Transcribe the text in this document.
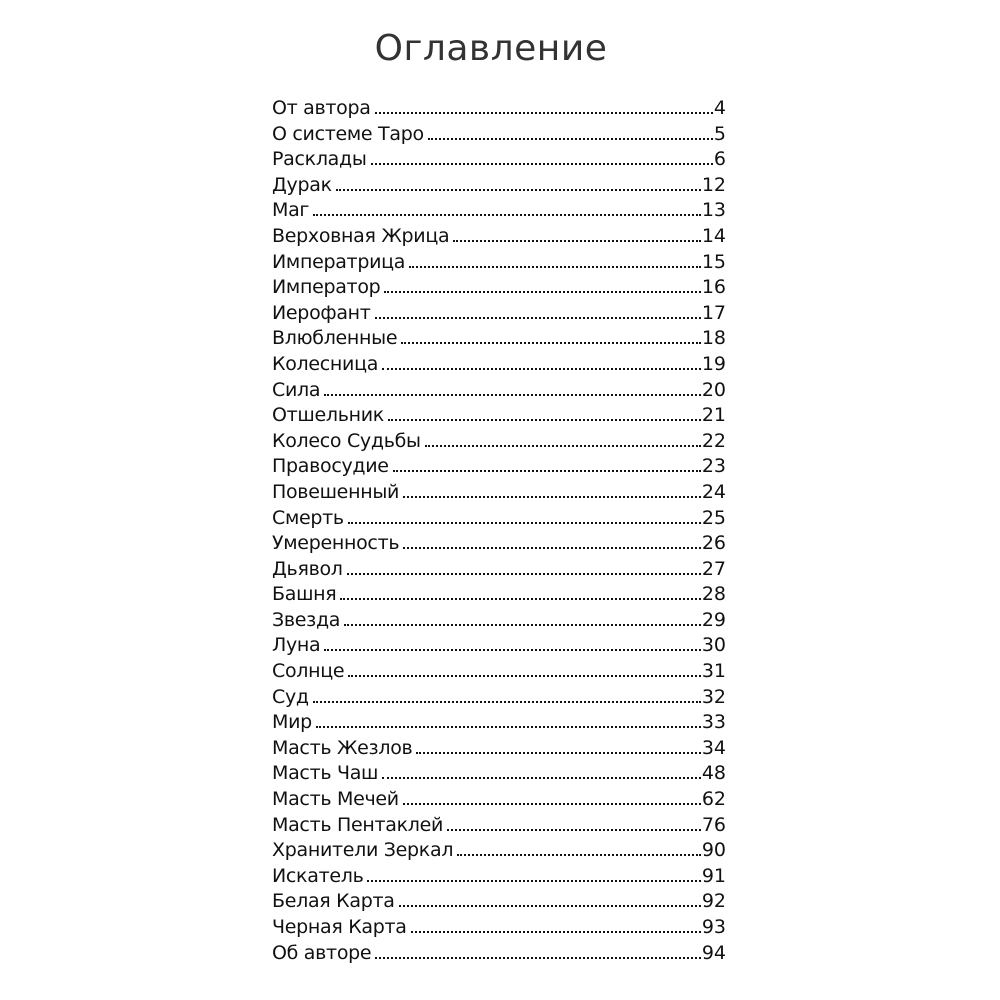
Оглавление
От автора	4
О системе Таро	5
Расклады	6
Дурак	12
Маг	13
Верховная Жрица	14
Императрица	15
Император	16
Иерофант	17
Влюбленные	18
Колесница	19
Сила	20
Отшельник	21
Колесо Судьбы	22
Правосудие	23
Повешенный	24
Смерть	25
Умеренность	26
Дьявол	27
Башня	28
Звезда	29
Луна	30
Солнце	31
Суд	32
Мир	33
Масть Жезлов	34
Масть Чаш	48
Масть Мечей	62
Масть Пентаклей	76
Хранители Зеркал	90
Искатель	91
Белая Карта	92
Черная Карта	93
Об авторе	94
